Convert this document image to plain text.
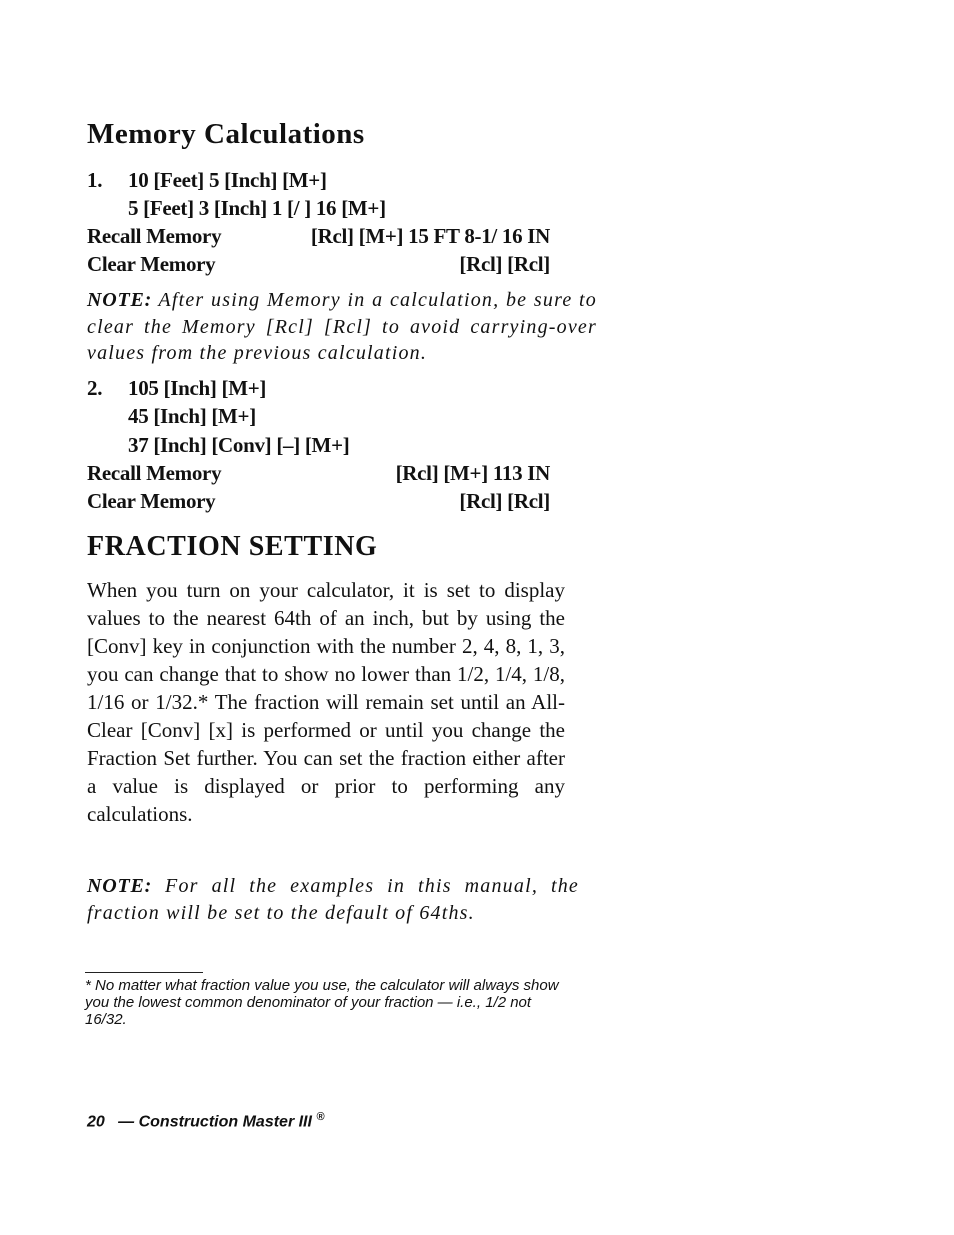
Memory Calculations
1. 10 [Feet] 5 [Inch] [M+]
5 [Feet] 3 [Inch] 1 [/ ] 16 [M+]
Recall Memory	[Rcl] [M+] 15 FT 8-1/ 16 IN
Clear Memory	[Rcl] [Rcl]
NOTE: After using Memory in a calculation, be sure to clear the Memory [Rcl] [Rcl] to avoid carrying-over values from the previous calculation.
2. 105 [Inch] [M+]
45 [Inch] [M+]
37 [Inch] [Conv] [–] [M+]
Recall Memory	[Rcl] [M+] 113 IN
Clear Memory	[Rcl] [Rcl]
FRACTION SETTING
When you turn on your calculator, it is set to display values to the nearest 64th of an inch, but by using the [Conv] key in conjunction with the number 2, 4, 8, 1, 3, you can change that to show no lower than 1/2, 1/4, 1/8, 1/16 or 1/32.* The fraction will remain set until an All-Clear [Conv] [x] is performed or until you change the Fraction Set further. You can set the fraction either after a value is displayed or prior to performing any calculations.
NOTE: For all the examples in this manual, the fraction will be set to the default of 64ths.
* No matter what fraction value you use, the calculator will always show you the lowest common denominator of your fraction — i.e., 1/2 not 16/32.
20 — Construction Master III ®
